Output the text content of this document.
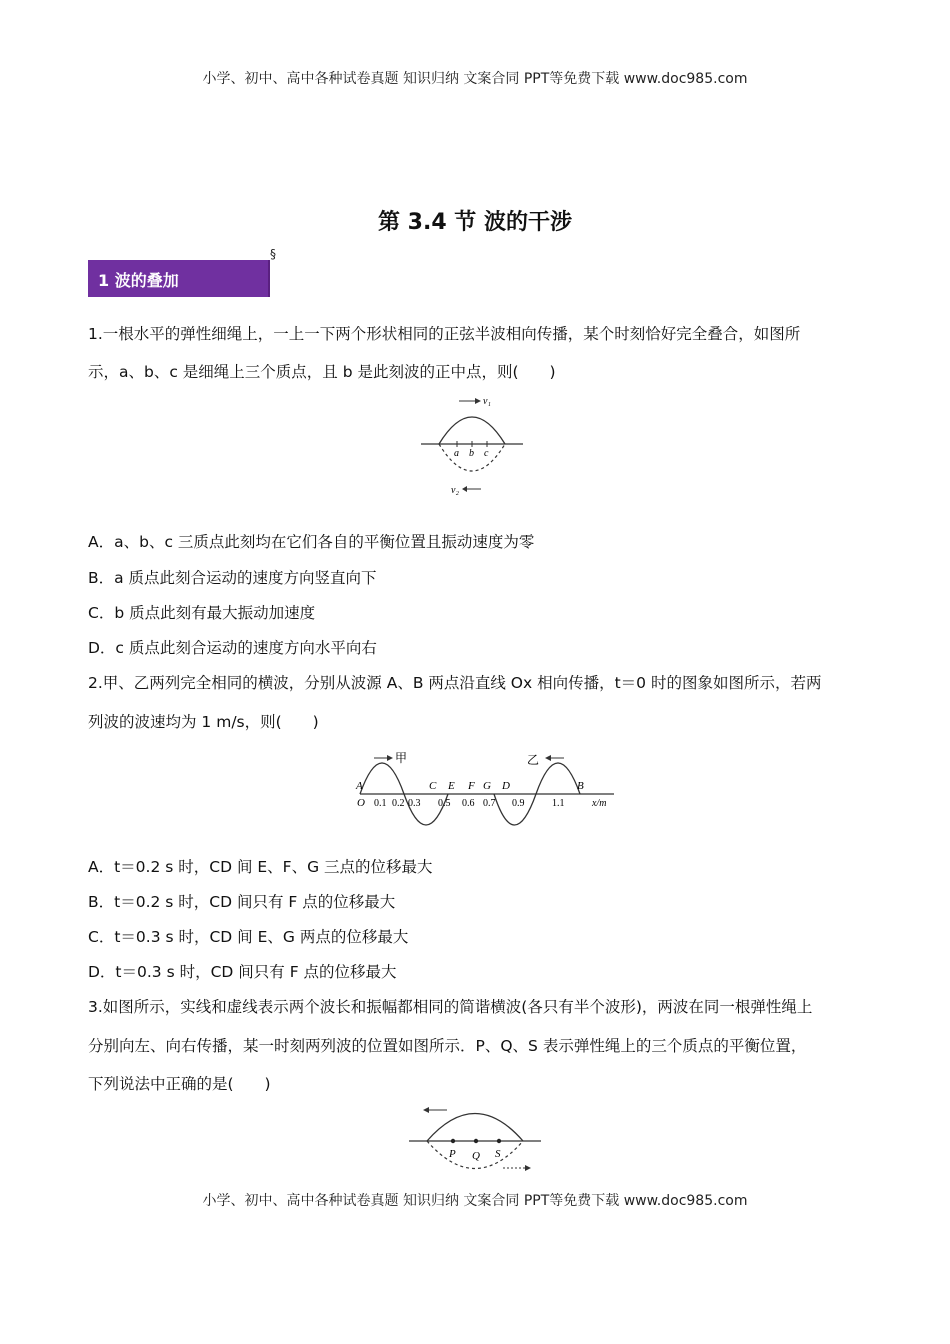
小学、初中、高中各种试卷真题 知识归纳 文案合同 PPT等免费下载 www.doc985.com
第 3.4 节 波的干涉
1 波的叠加
§
1.一根水平的弹性细绳上，一上一下两个形状相同的正弦半波相向传播，某个时刻恰好完全叠合，如图所
示，a、b、c 是细绳上三个质点，且 b 是此刻波的正中点，则(　　)
v₁
a b c
v₂
A．a、b、c 三质点此刻均在它们各自的平衡位置且振动速度为零
B．a 质点此刻合运动的速度方向竖直向下
C．b 质点此刻有最大振动加速度
D．c 质点此刻合运动的速度方向水平向右
2.甲、乙两列完全相同的横波，分别从波源 A、B 两点沿直线 Ox 相向传播，t＝0 时的图象如图所示，若两
列波的波速均为 1 m/s，则(　　)
甲	乙
A
O
C E F G D	B
0.1 0.2 0.3 0.5 0.6 0.7 0.9	1.1	x/m
A．t＝0.2 s 时，CD 间 E、F、G 三点的位移最大
B．t＝0.2 s 时，CD 间只有 F 点的位移最大
C．t＝0.3 s 时，CD 间 E、G 两点的位移最大
D．t＝0.3 s 时，CD 间只有 F 点的位移最大
3.如图所示，实线和虚线表示两个波长和振幅都相同的简谐横波(各只有半个波形)，两波在同一根弹性绳上
分别向左、向右传播，某一时刻两列波的位置如图所示．P、Q、S 表示弹性绳上的三个质点的平衡位置，
下列说法中正确的是(　　)
P Q S
小学、初中、高中各种试卷真题 知识归纳 文案合同 PPT等免费下载 www.doc985.com
